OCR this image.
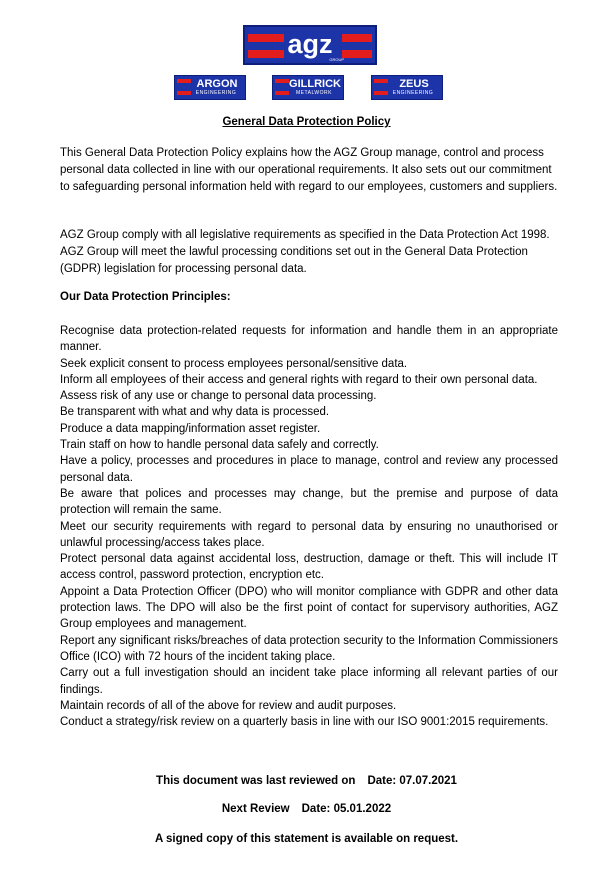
agz
GROUP
ARGON
ENGINEERING
GILLRICK
METALWORK
ZEUS
ENGINEERING
General Data Protection Policy

This General Data Protection Policy explains how the AGZ Group manage, control and process personal data collected in line with our operational requirements. It also sets out our commitment to safeguarding personal information held with regard to our employees, customers and suppliers.

AGZ Group comply with all legislative requirements as specified in the Data Protection Act 1998. AGZ Group will meet the lawful processing conditions set out in the General Data Protection (GDPR) legislation for processing personal data.

Our Data Protection Principles:
Recognise data protection-related requests for information and handle them in an appropriate manner.
Seek explicit consent to process employees personal/sensitive data.
Inform all employees of their access and general rights with regard to their own personal data.
Assess risk of any use or change to personal data processing.
Be transparent with what and why data is processed.
Produce a data mapping/information asset register.
Train staff on how to handle personal data safely and correctly.
Have a policy, processes and procedures in place to manage, control and review any processed personal data.
Be aware that polices and processes may change, but the premise and purpose of data protection will remain the same.
Meet our security requirements with regard to personal data by ensuring no unauthorised or unlawful processing/access takes place.
Protect personal data against accidental loss, destruction, damage or theft. This will include IT access control, password protection, encryption etc.
Appoint a Data Protection Officer (DPO) who will monitor compliance with GDPR and other data protection laws. The DPO will also be the first point of contact for supervisory authorities, AGZ Group employees and management.
Report any significant risks/breaches of data protection security to the Information Commissioners Office (ICO) with 72 hours of the incident taking place.
Carry out a full investigation should an incident take place informing all relevant parties of our findings.
Maintain records of all of the above for review and audit purposes.
Conduct a strategy/risk review on a quarterly basis in line with our ISO 9001:2015 requirements.
This document was last reviewed on Date: 07.07.2021
Next Review Date: 05.01.2022
A signed copy of this statement is available on request.
